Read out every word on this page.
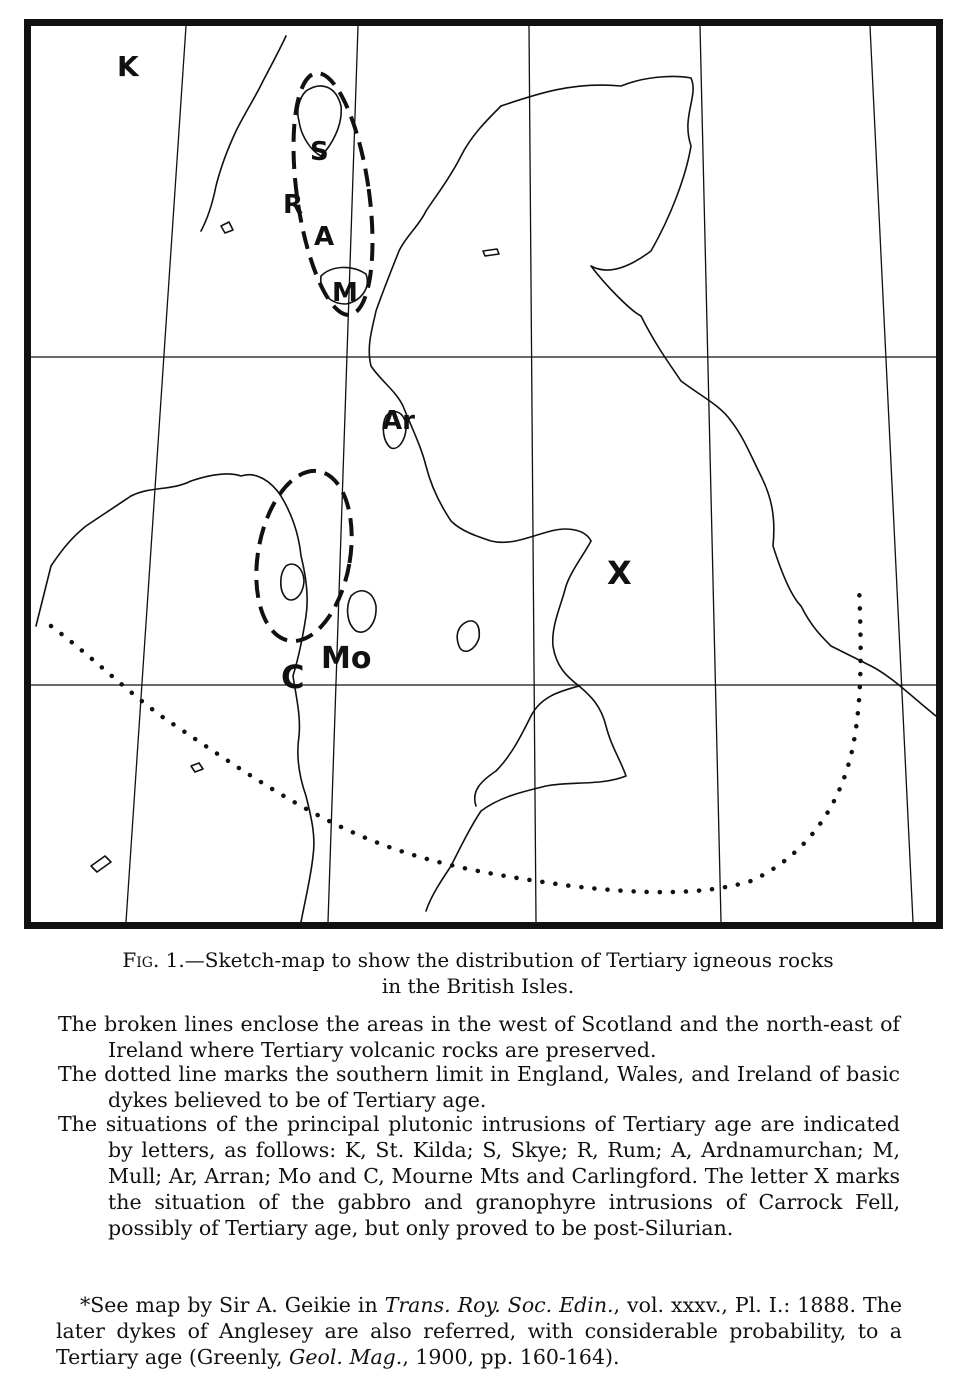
K
S
R
A
M
Ar
X
Mo
C
Fig. 1.—Sketch-map to show the distribution of Tertiary igneous rocks in the British Isles.
The broken lines enclose the areas in the west of Scotland and the north-east of Ireland where Tertiary volcanic rocks are preserved.
The dotted line marks the southern limit in England, Wales, and Ireland of basic dykes believed to be of Tertiary age.
The situations of the principal plutonic intrusions of Tertiary age are indicated by letters, as follows: K, St. Kilda; S, Skye; R, Rum; A, Ardnamurchan; M, Mull; Ar, Arran; Mo and C, Mourne Mts and Carlingford. The letter X marks the situation of the gabbro and granophyre intrusions of Carrock Fell, possibly of Tertiary age, but only proved to be post-Silurian.
*See map by Sir A. Geikie in Trans. Roy. Soc. Edin., vol. xxxv., Pl. I.: 1888. The later dykes of Anglesey are also referred, with considerable probability, to a Tertiary age (Greenly, Geol. Mag., 1900, pp. 160-164).
